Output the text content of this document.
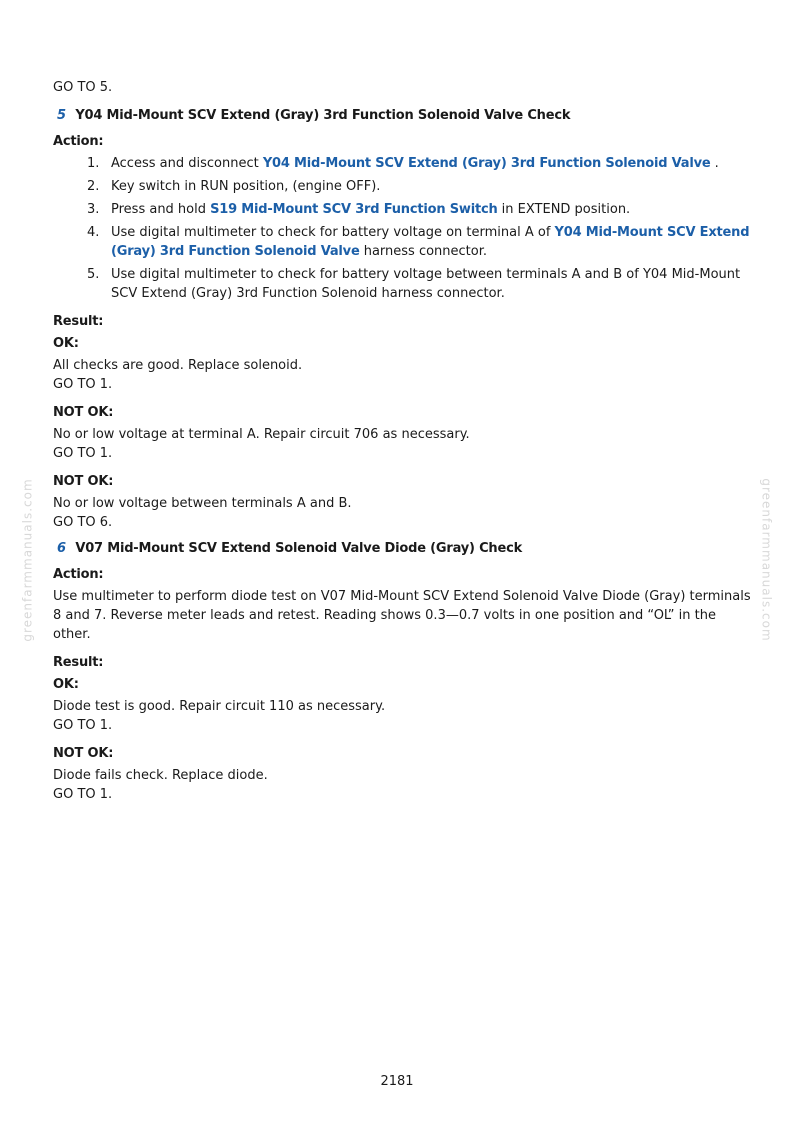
greenfarmmanuals.com	greenfarmmanuals.com

GO TO 5.

5 Y04 Mid-Mount SCV Extend (Gray) 3rd Function Solenoid Valve Check

Action:

1. Access and disconnect Y04 Mid-Mount SCV Extend (Gray) 3rd Function Solenoid Valve .
2. Key switch in RUN position, (engine OFF).
3. Press and hold S19 Mid-Mount SCV 3rd Function Switch in EXTEND position.
4. Use digital multimeter to check for battery voltage on terminal A of Y04 Mid-Mount SCV Extend (Gray) 3rd Function Solenoid Valve harness connector.
5. Use digital multimeter to check for battery voltage between terminals A and B of Y04 Mid-Mount SCV Extend (Gray) 3rd Function Solenoid harness connector.

Result:

OK:

All checks are good. Replace solenoid.

GO TO 1.

NOT OK:

No or low voltage at terminal A. Repair circuit 706 as necessary.

GO TO 1.

NOT OK:

No or low voltage between terminals A and B.

GO TO 6.

6 V07 Mid-Mount SCV Extend Solenoid Valve Diode (Gray) Check

Action:

Use multimeter to perform diode test on V07 Mid-Mount SCV Extend Solenoid Valve Diode (Gray) terminals 8 and 7. Reverse meter leads and retest. Reading shows 0.3—0.7 volts in one position and “OL” in the other.

Result:

OK:

Diode test is good. Repair circuit 110 as necessary.

GO TO 1.

NOT OK:

Diode fails check. Replace diode.

GO TO 1.

2181
